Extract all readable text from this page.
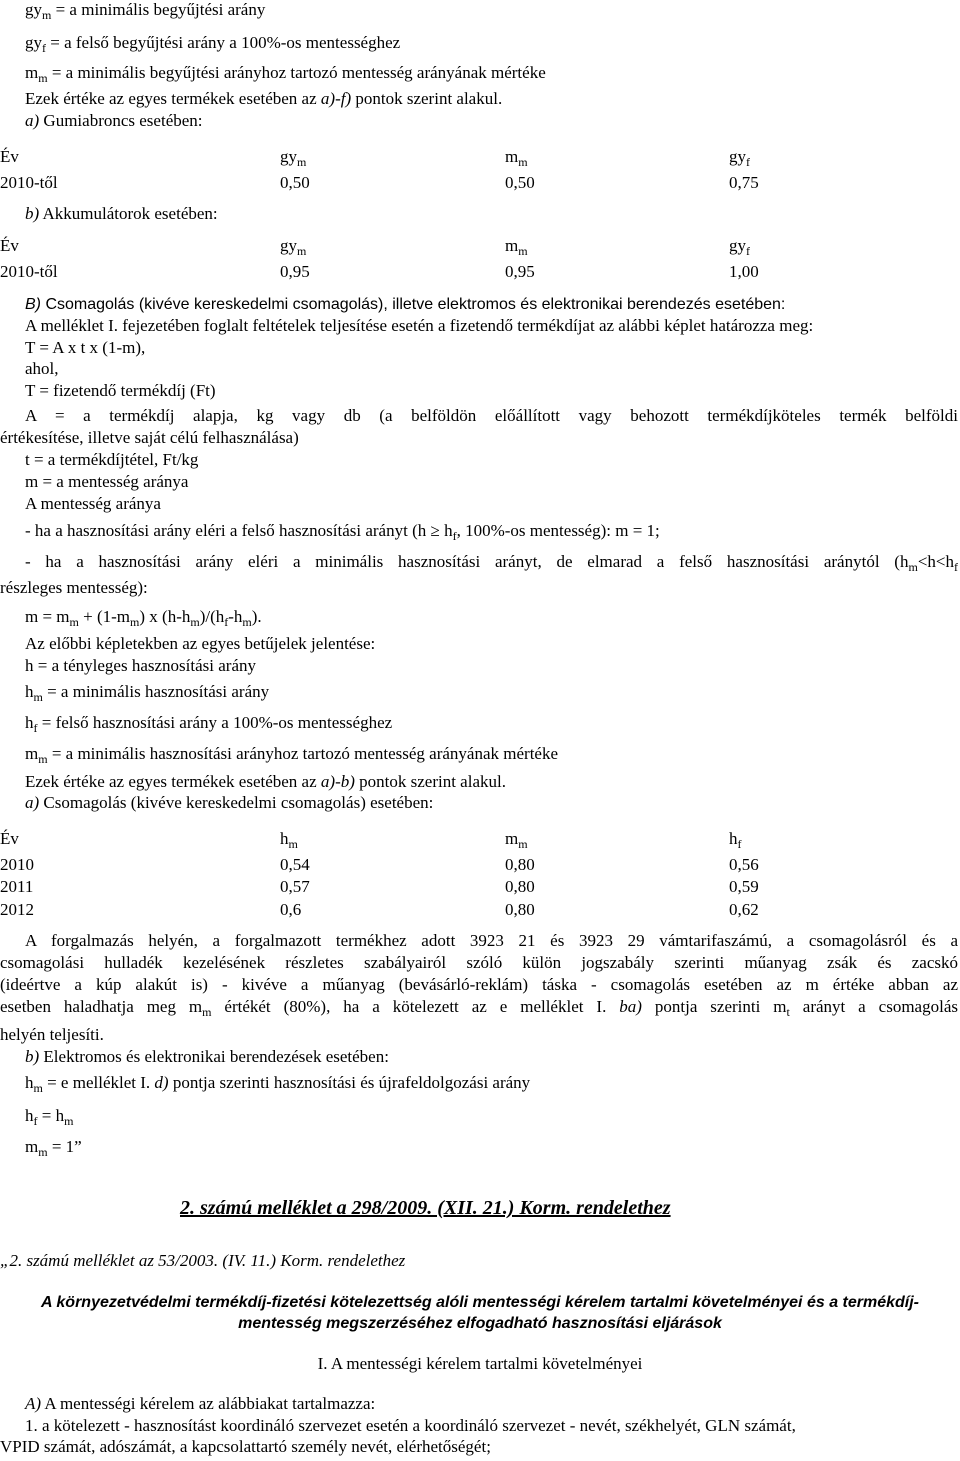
$gy_m = a$ minimális begyűjtési arány
$gy_f = a$ felső begyűjtési arány a 100%-os mentességhez
$m_m = a$ minimális begyűjtési arányhoz tartozó mentesség arányának mértéke
Ezek értéke az egyes termékek esetében az a)-f) pontok szerint alakul.
a) Gumiabroncs esetében:
Év	$gy_m$	$m_m$	$gy_f$
2010-től	0,50	0,50	0,75
b) Akkumulátorok esetében:
Év	$gy_m$	$m_m$	$gy_f$
2010-től	0,95	0,95	1,00
B) Csomagolás (kivéve kereskedelmi csomagolás), illetve elektromos és elektronikai berendezés esetében:
A melléklet I. fejezetében foglalt feltételek teljesítése esetén a fizetendő termékdíjat az alábbi képlet határozza meg:
T = A x t x (1-m),
ahol,
T = fizetendő termékdíj (Ft)
A = a termékdíj alapja, kg vagy db (a belföldön előállított vagy behozott termékdíjköteles termék belföldi
értékesítése, illetve saját célú felhasználása)
t = a termékdíjtétel, Ft/kg
m = a mentesség aránya
A mentesség aránya
- ha a hasznosítási arány eléri a felső hasznosítási arányt ($h \ge h_f$, 100%-os mentesség): m = 1;
- ha a hasznosítási arány eléri a minimális hasznosítási arányt, de elmarad a felső hasznosítási aránytól ($h_m<h<h_f$
részleges mentesség):
$m = m_m + (1-m_m)$ x $(h-h_m)/(h_f-h_m)$.
Az előbbi képletekben az egyes betűjelek jelentése:
h = a tényleges hasznosítási arány
$h_m = a$ minimális hasznosítási arány
$h_f$ = felső hasznosítási arány a 100%-os mentességhez
$m_m = a$ minimális hasznosítási arányhoz tartozó mentesség arányának mértéke
Ezek értéke az egyes termékek esetében az a)-b) pontok szerint alakul.
a) Csomagolás (kivéve kereskedelmi csomagolás) esetében:
Év	$h_m$	$m_m$	$h_f$
2010	0,54	0,80	0,56
2011	0,57	0,80	0,59
2012	0,6	0,80	0,62
A forgalmazás helyén, a forgalmazott termékhez adott 3923 21 és 3923 29 vámtarifaszámú, a csomagolásról és a
csomagolási hulladék kezelésének részletes szabályairól szóló külön jogszabály szerinti műanyag zsák és zacskó
(ideértve a kúp alakút is) - kivéve a műanyag (bevásárló-reklám) táska - csomagolás esetében az m értéke abban az
esetben haladhatja meg $m_m$ értékét (80%), ha a kötelezett az e melléklet I. ba) pontja szerinti $m_t$ arányt a csomagolás
helyén teljesíti.
b) Elektromos és elektronikai berendezések esetében:
$h_m = e$ melléklet I. d) pontja szerinti hasznosítási és újrafeldolgozási arány
$h_f = h_m$
$m_m = 1$”
2. számú melléklet a 298/2009. (XII. 21.) Korm. rendelethez
„2. számú melléklet az 53/2003. (IV. 11.) Korm. rendelethez
A környezetvédelmi termékdíj-fizetési kötelezettség alóli mentességi kérelem tartalmi követelményei és a termékdíj-
mentesség megszerzéséhez elfogadható hasznosítási eljárások
I. A mentességi kérelem tartalmi követelményei
A) A mentességi kérelem az alábbiakat tartalmazza:
1. a kötelezett - hasznosítást koordináló szervezet esetén a koordináló szervezet - nevét, székhelyét, GLN számát,
VPID számát, adószámát, a kapcsolattartó személy nevét, elérhetőségét;
